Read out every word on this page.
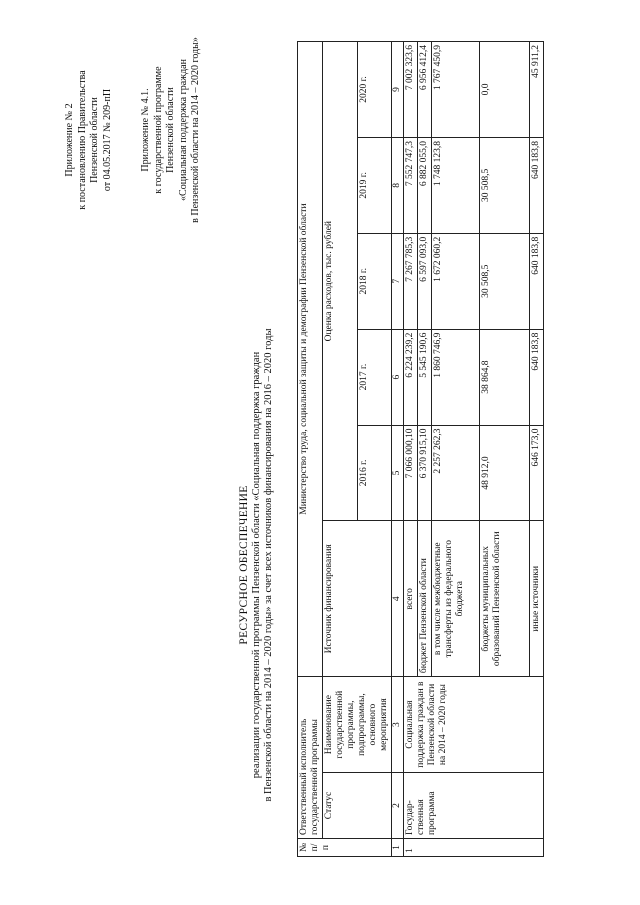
Приложение № 2 к постановлению Правительства Пензенской области от 04.05.2017 № 209-пП	Приложение № 4.1. к государственной программе Пензенской области «Социальная поддержка граждан в Пензенской области на 2014 – 2020 годы»
РЕСУРСНОЕ ОБЕСПЕЧЕНИЕ реализации государственной программы Пензенской области «Социальная поддержка граждан в Пензенской области на 2014 – 2020 годы» за счет всех источников финансирования на 2016 – 2020 годы
№ п/п	Ответственный исполнитель государственной программы		Министерство труда, социальной защиты и демографии Пензенской области					
	Статус	Наименование государственной программы, подпрограммы, основного мероприятия	Источник финансирования	Оценка расходов, тыс. рублей				
				2016 г.	2017 г.	2018 г.	2019 г.	2020 г.
1	2	3	4	5	6	7	8	9
1	Государ-ственная программа	Социальная поддержка граждан в Пензенской области на 2014 – 2020 годы	всего	7 066 000,10	6 224 239,2	7 267 785,3	7 552 747,3	7 002 323,6
			бюджет Пензенской области	6 370 915,10	5 545 190,6	6 597 093,0	6 882 055,0	6 956 412,4
			в том числе межбюджетные трансферты из федерального бюджета	2 257 262,3	1 860 746,9	1 672 060,2	1 748 123,8	1 767 450,9
			бюджеты муниципальных образований Пензенской области	48 912,0	38 864,8	30 508,5	30 508,5	0,0
			иные источники	646 173,0	640 183,8	640 183,8	640 183,8	45 911,2
